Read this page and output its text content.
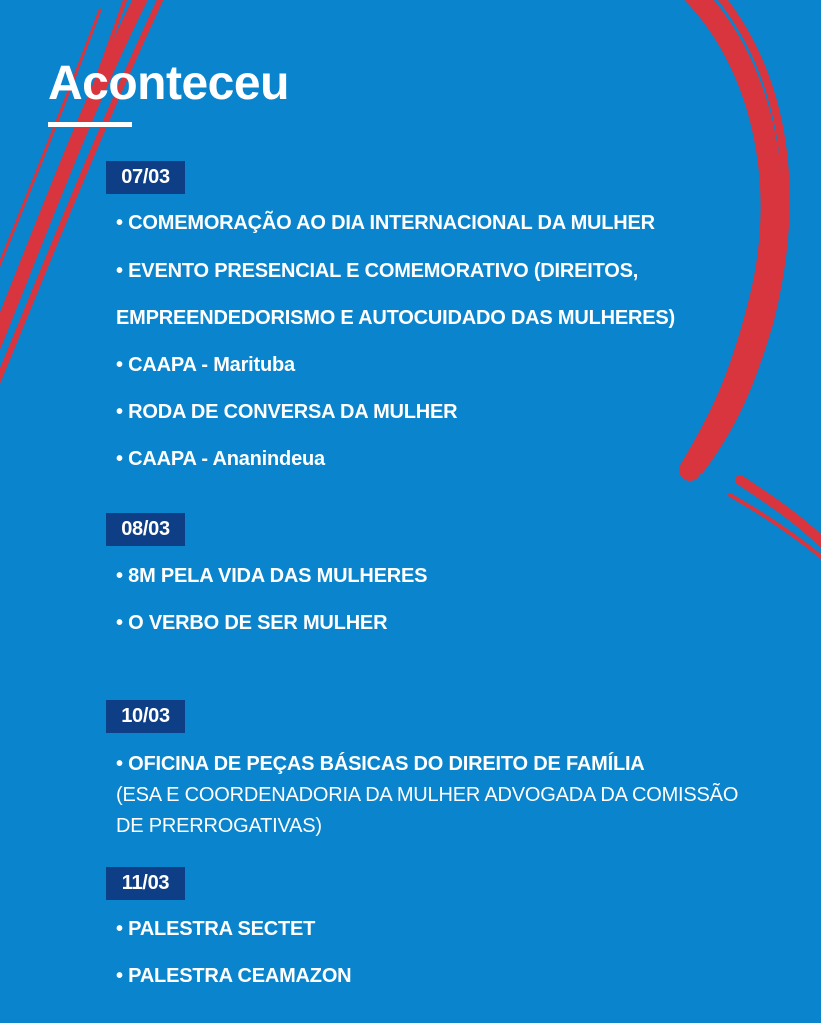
Aconteceu
07/03
• COMEMORAÇÃO AO DIA INTERNACIONAL DA MULHER
• EVENTO PRESENCIAL E COMEMORATIVO (DIREITOS,
EMPREENDEDORISMO E AUTOCUIDADO DAS MULHERES)
• CAAPA - Marituba
• RODA DE CONVERSA DA MULHER
• CAAPA - Ananindeua
08/03
• 8M PELA VIDA DAS MULHERES
• O VERBO DE SER MULHER
10/03
• OFICINA DE PEÇAS BÁSICAS DO DIREITO DE FAMÍLIA
(ESA E COORDENADORIA DA MULHER ADVOGADA DA COMISSÃO
DE PRERROGATIVAS)
11/03
• PALESTRA SECTET
• PALESTRA CEAMAZON
